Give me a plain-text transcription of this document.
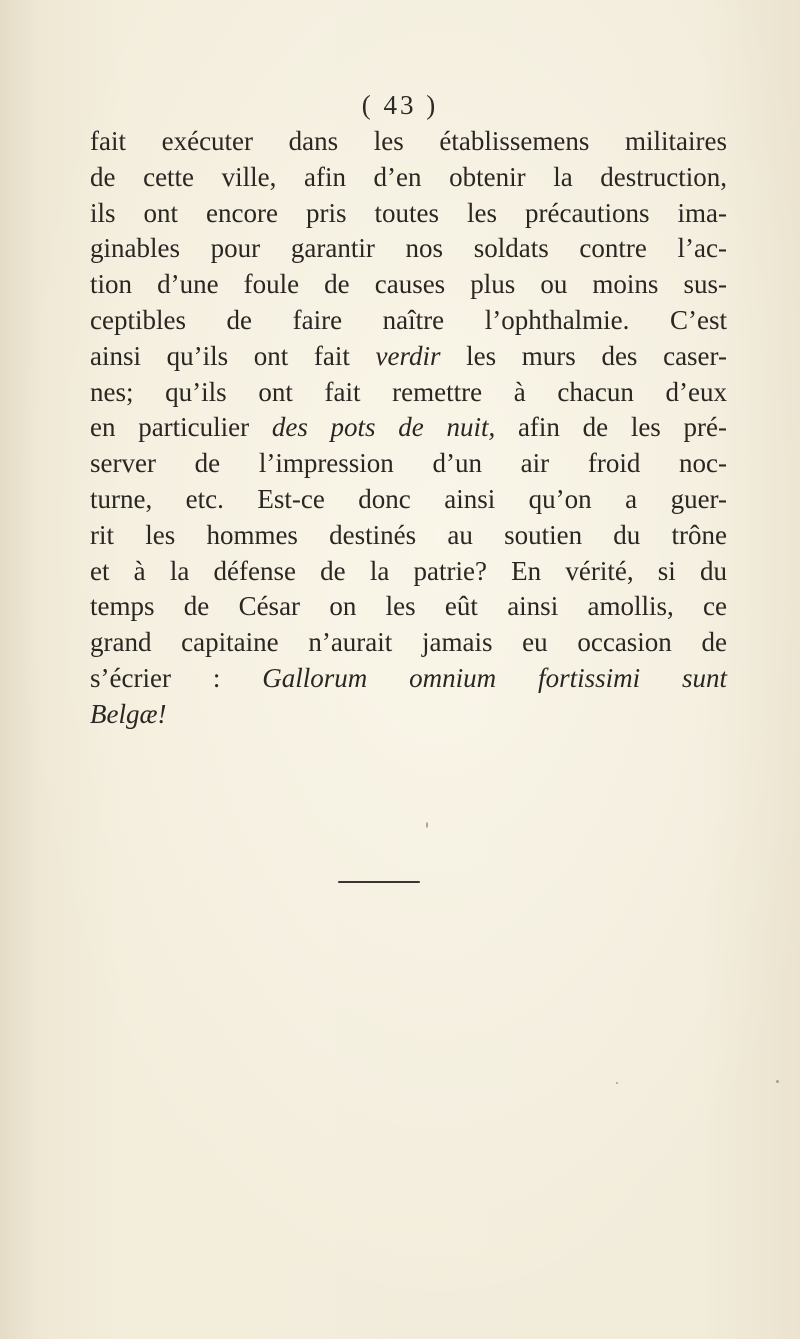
( 43 )
fait exécuter dans les établissemens militaires
de cette ville, afin d’en obtenir la destruction,
ils ont encore pris toutes les précautions ima-
ginables pour garantir nos soldats contre l’ac-
tion d’une foule de causes plus ou moins sus-
ceptibles de faire naître l’ophthalmie. C’est
ainsi qu’ils ont fait verdir les murs des caser-
nes; qu’ils ont fait remettre à chacun d’eux
en particulier des pots de nuit, afin de les pré-
server de l’impression d’un air froid noc-
turne, etc. Est-ce donc ainsi qu’on a guer-
rit les hommes destinés au soutien du trône
et à la défense de la patrie? En vérité, si du
temps de César on les eût ainsi amollis, ce
grand capitaine n’aurait jamais eu occasion de
s’écrier : Gallorum omnium fortissimi sunt
Belgæ!
